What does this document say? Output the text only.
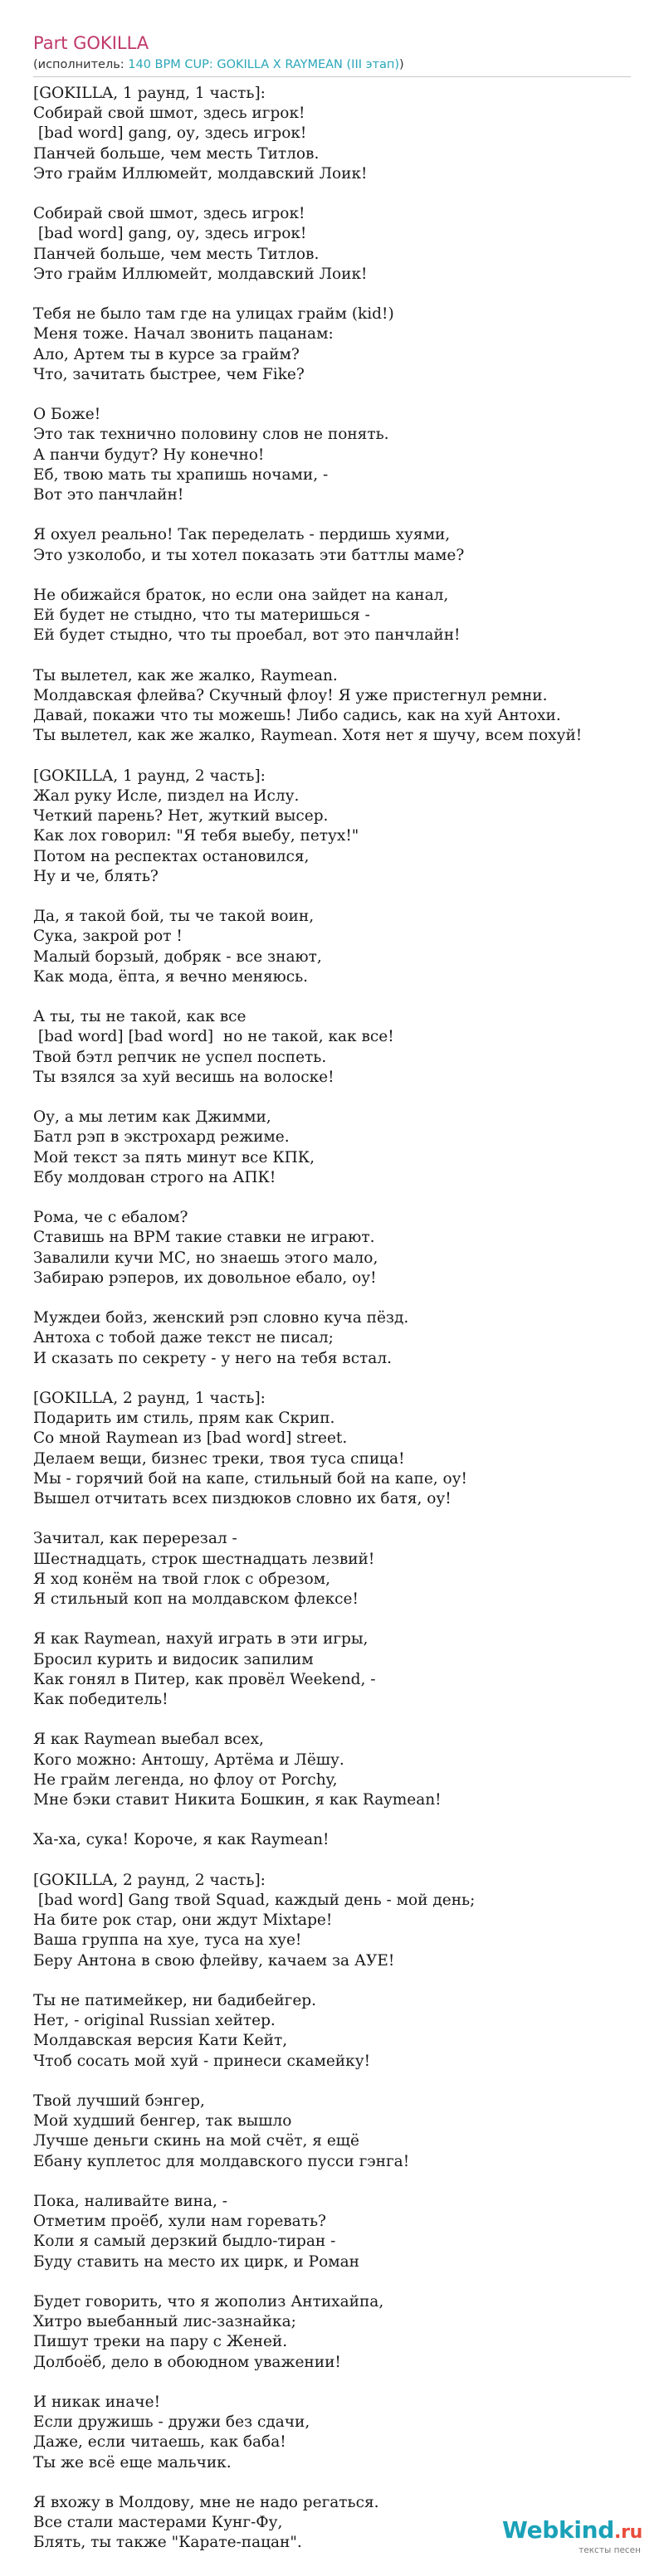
Part GOKILLA
(исполнитель: 140 BPM CUP: GOKILLA X RAYMEAN (III этап))
[GOKILLA, 1 раунд, 1 часть]:
Собирай свой шмот, здесь игрок!
[bad word] gang, оу, здесь игрок!
Панчей больше, чем месть Титлов.
Это грайм Иллюмейт, молдавский Лоик!
Собирай свой шмот, здесь игрок!
[bad word] gang, оу, здесь игрок!
Панчей больше, чем месть Титлов.
Это грайм Иллюмейт, молдавский Лоик!
Тебя не было там где на улицах грайм (kid!)
Меня тоже. Начал звонить пацанам:
Ало, Артем ты в курсе за грайм?
Что, зачитать быстрее, чем Fike?
О Боже!
Это так технично половину слов не понять.
А панчи будут? Ну конечно!
Еб, твою мать ты храпишь ночами, -
Вот это панчлайн!
Я охуел реально! Так переделать - пердишь хуями,
Это узколобо, и ты хотел показать эти баттлы маме?
Не обижайся браток, но если она зайдет на канал,
Ей будет не стыдно, что ты материшься -
Ей будет стыдно, что ты проебал, вот это панчлайн!
Ты вылетел, как же жалко, Raymean.
Молдавская флейва? Скучный флоу! Я уже пристегнул ремни.
Давай, покажи что ты можешь! Либо садись, как на хуй Антохи.
Ты вылетел, как же жалко, Raymean. Хотя нет я шучу, всем похуй!
[GOKILLA, 1 раунд, 2 часть]:
Жал руку Исле, пиздел на Ислу.
Четкий парень? Нет, жуткий высер.
Как лох говорил: "Я тебя выебу, петух!"
Потом на респектах остановился,
Ну и че, блять?
Да, я такой бой, ты че такой воин,
Сука, закрой рот !
Малый борзый, добряк - все знают,
Как мода, ёпта, я вечно меняюсь.
А ты, ты не такой, как все
[bad word] [bad word]  но не такой, как все!
Твой бэтл репчик не успел поспеть.
Ты взялся за хуй весишь на волоске!
Оу, а мы летим как Джимми,
Батл рэп в экстрохард режиме.
Мой текст за пять минут все КПК,
Ебу молдован строго на АПК!
Рома, че с ебалом?
Ставишь на ВРМ такие ставки не играют.
Завалили кучи МС, но знаешь этого мало,
Забираю рэперов, их довольное ебало, оу!
Муждеи бойз, женский рэп словно куча пёзд.
Антоха с тобой даже текст не писал;
И сказать по секрету - у него на тебя встал.
[GOKILLA, 2 раунд, 1 часть]:
Подарить им стиль, прям как Скрип.
Со мной Raymean из [bad word] street.
Делаем вещи, бизнес треки, твоя туса спица!
Мы - горячий бой на капе, стильный бой на капе, оу!
Вышел отчитать всех пиздюков словно их батя, оу!
Зачитал, как перерезал -
Шестнадцать, строк шестнадцать лезвий!
Я ход конём на твой глок с обрезом,
Я стильный коп на молдавском флексе!
Я как Raymean, нахуй играть в эти игры,
Бросил курить и видосик запилим
Как гонял в Питер, как провёл Weekend, -
Как победитель!
Я как Raymean выебал всех,
Кого можно: Антошу, Артёма и Лёшу.
Не грайм легенда, но флоу от Porchy,
Мне бэки ставит Никита Бошкин, я как Raymean!
Ха-ха, сука! Короче, я как Raymean!
[GOKILLA, 2 раунд, 2 часть]:
[bad word] Gang твой Squad, каждый день - мой день;
На бите рок стар, они ждут Mixtape!
Ваша группа на хуе, туса на хуе!
Беру Антона в свою флейву, качаем за АУЕ!
Ты не патимейкер, ни бадибейгер.
Нет, - original Russian хейтер.
Молдавская версия Кати Кейт,
Чтоб сосать мой хуй - принеси скамейку!
Твой лучший бэнгер,
Мой худший бенгер, так вышло
Лучше деньги скинь на мой счёт, я ещё
Ебану куплетос для молдавского пусси гэнга!
Пока, наливайте вина, -
Отметим проёб, хули нам горевать?
Коли я самый дерзкий быдло-тиран -
Буду ставить на место их цирк, и Роман
Будет говорить, что я жополиз Антихайпа,
Хитро выебанный лис-зазнайка;
Пишут треки на пару с Женей.
Долбоёб, дело в обоюдном уважении!
И никак иначе!
Если дружишь - дружи без сдачи,
Даже, если читаешь, как баба!
Ты же всё еще мальчик.
Я вхожу в Молдову, мне не надо регаться.
Все стали мастерами Кунг-Фу,
Блять, ты также "Карате-пацан".	Webkind.ru
тексты песен
